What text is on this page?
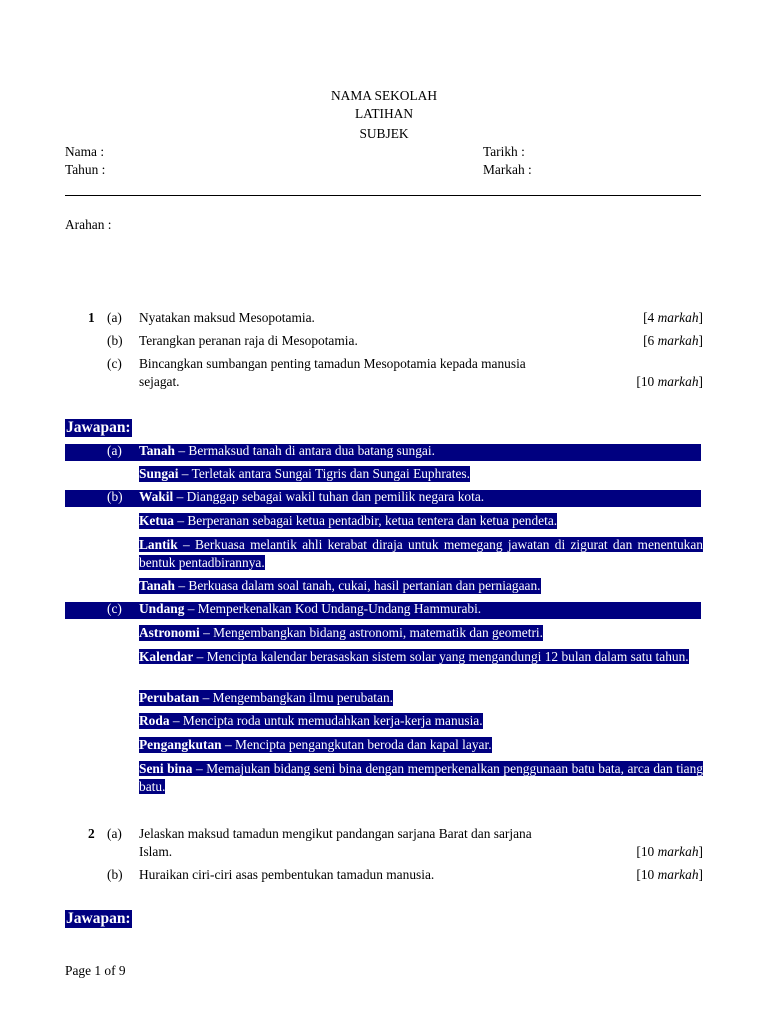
NAMA SEKOLAH
LATIHAN
SUBJEK
Nama :
Tahun :
Tarikh :
Markah :
Arahan :
1 (a) Nyatakan maksud Mesopotamia.	[4 markah]
(b) Terangkan peranan raja di Mesopotamia.	[6 markah]
(c) Bincangkan sumbangan penting tamadun Mesopotamia kepada manusia
sejagat.	[10 markah]
Jawapan:
(a) Tanah – Bermaksud tanah di antara dua batang sungai.
Sungai – Terletak antara Sungai Tigris dan Sungai Euphrates.
(b) Wakil – Dianggap sebagai wakil tuhan dan pemilik negara kota.
Ketua – Berperanan sebagai ketua pentadbir, ketua tentera dan ketua pendeta.
Lantik – Berkuasa melantik ahli kerabat diraja untuk memegang jawatan di zigurat dan menentukan bentuk pentadbirannya.
Tanah – Berkuasa dalam soal tanah, cukai, hasil pertanian dan perniagaan.
(c) Undang – Memperkenalkan Kod Undang-Undang Hammurabi.
Astronomi – Mengembangkan bidang astronomi, matematik dan geometri.
Kalendar – Mencipta kalendar berasaskan sistem solar yang mengandungi 12 bulan dalam satu tahun.
Perubatan – Mengembangkan ilmu perubatan.
Roda – Mencipta roda untuk memudahkan kerja-kerja manusia.
Pengangkutan – Mencipta pengangkutan beroda dan kapal layar.
Seni bina – Memajukan bidang seni bina dengan memperkenalkan penggunaan batu bata, arca dan tiang batu.
2 (a) Jelaskan maksud tamadun mengikut pandangan sarjana Barat dan sarjana
Islam.	[10 markah]
(b) Huraikan ciri-ciri asas pembentukan tamadun manusia.	[10 markah]
Jawapan:
Page 1 of 9
